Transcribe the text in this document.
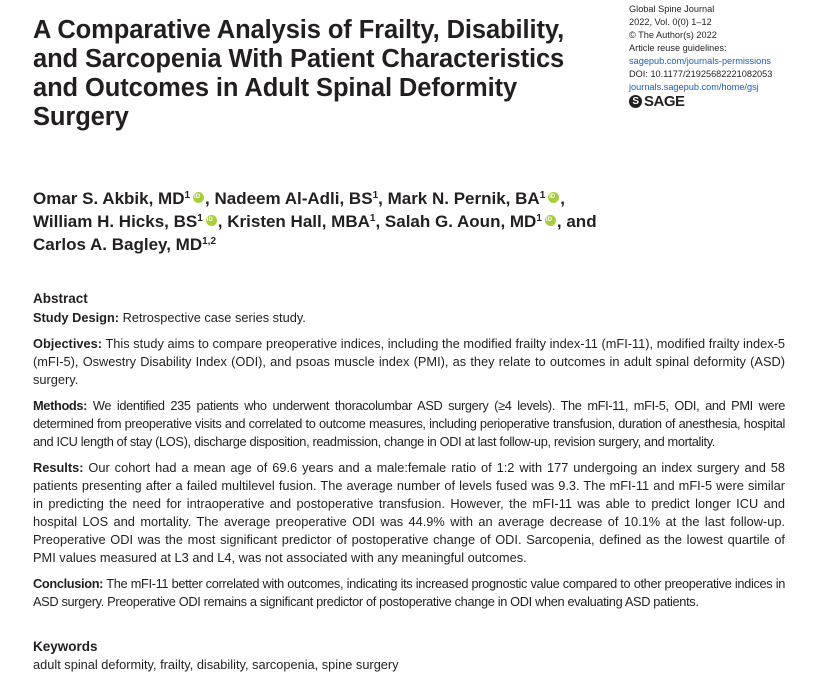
A Comparative Analysis of Frailty, Disability, and Sarcopenia With Patient Characteristics and Outcomes in Adult Spinal Deformity Surgery
Global Spine Journal
2022, Vol. 0(0) 1–12
© The Author(s) 2022
Article reuse guidelines:
sagepub.com/journals-permissions
DOI: 10.1177/21925682221082053
journals.sagepub.com/home/gsj
S SAGE
Omar S. Akbik, $MD^1iD$ , Nadeem Al-Adli, $BS^1$, Mark N. Pernik, $BA^1iD$ ,
William H. Hicks, $BS^1iD$ , Kristen Hall, MBA$^1$, Salah G. Aoun, $MD^1iD$ , and
Carlos A. Bagley, MD$^{1,2}$
Abstract

Study Design: Retrospective case series study.

Objectives: This study aims to compare preoperative indices, including the modified frailty index-11 (mFI-11), modified frailty index-5 (mFI-5), Oswestry Disability Index (ODI), and psoas muscle index (PMI), as they relate to outcomes in adult spinal deformity (ASD) surgery.

Methods: We identified 235 patients who underwent thoracolumbar ASD surgery (≥4 levels). The mFI-11, mFI-5, ODI, and PMI were determined from preoperative visits and correlated to outcome measures, including perioperative transfusion, duration of anesthesia, hospital and ICU length of stay (LOS), discharge disposition, readmission, change in ODI at last follow-up, revision surgery, and mortality.

Results: Our cohort had a mean age of 69.6 years and a male:female ratio of 1:2 with 177 undergoing an index surgery and 58 patients presenting after a failed multilevel fusion. The average number of levels fused was 9.3. The mFI-11 and mFI-5 were similar in predicting the need for intraoperative and postoperative transfusion. However, the mFI-11 was able to predict longer ICU and hospital LOS and mortality. The average preoperative ODI was 44.9% with an average decrease of 10.1% at the last follow-up. Preoperative ODI was the most significant predictor of postoperative change of ODI. Sarcopenia, defined as the lowest quartile of PMI values measured at L3 and L4, was not associated with any meaningful outcomes.

Conclusion: The mFI-11 better correlated with outcomes, indicating its increased prognostic value compared to other preoperative indices in ASD surgery. Preoperative ODI remains a significant predictor of postoperative change in ODI when evaluating ASD patients.

Keywords
adult spinal deformity, frailty, disability, sarcopenia, spine surgery
